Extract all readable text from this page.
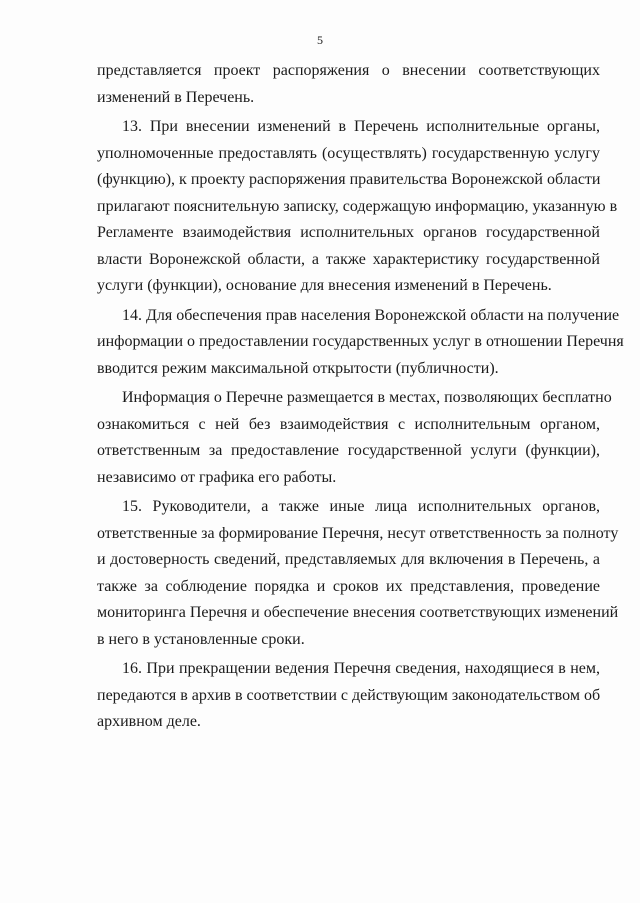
5
представляется проект распоряжения о внесении соответствующих
изменений в Перечень.
13. При внесении изменений в Перечень исполнительные органы,
уполномоченные предоставлять (осуществлять) государственную услугу
(функцию), к проекту распоряжения правительства Воронежской области
прилагают пояснительную записку, содержащую информацию, указанную в
Регламенте взаимодействия исполнительных органов государственной
власти Воронежской области, а также характеристику государственной
услуги (функции), основание для внесения изменений в Перечень.
14. Для обеспечения прав населения Воронежской области на получение
информации о предоставлении государственных услуг в отношении Перечня
вводится режим максимальной открытости (публичности).
Информация о Перечне размещается в местах, позволяющих бесплатно
ознакомиться с ней без взаимодействия с исполнительным органом,
ответственным за предоставление государственной услуги (функции),
независимо от графика его работы.
15. Руководители, а также иные лица исполнительных органов,
ответственные за формирование Перечня, несут ответственность за полноту
и достоверность сведений, представляемых для включения в Перечень, а
также за соблюдение порядка и сроков их представления, проведение
мониторинга Перечня и обеспечение внесения соответствующих изменений
в него в установленные сроки.
16. При прекращении ведения Перечня сведения, находящиеся в нем,
передаются в архив в соответствии с действующим законодательством об
архивном деле.
